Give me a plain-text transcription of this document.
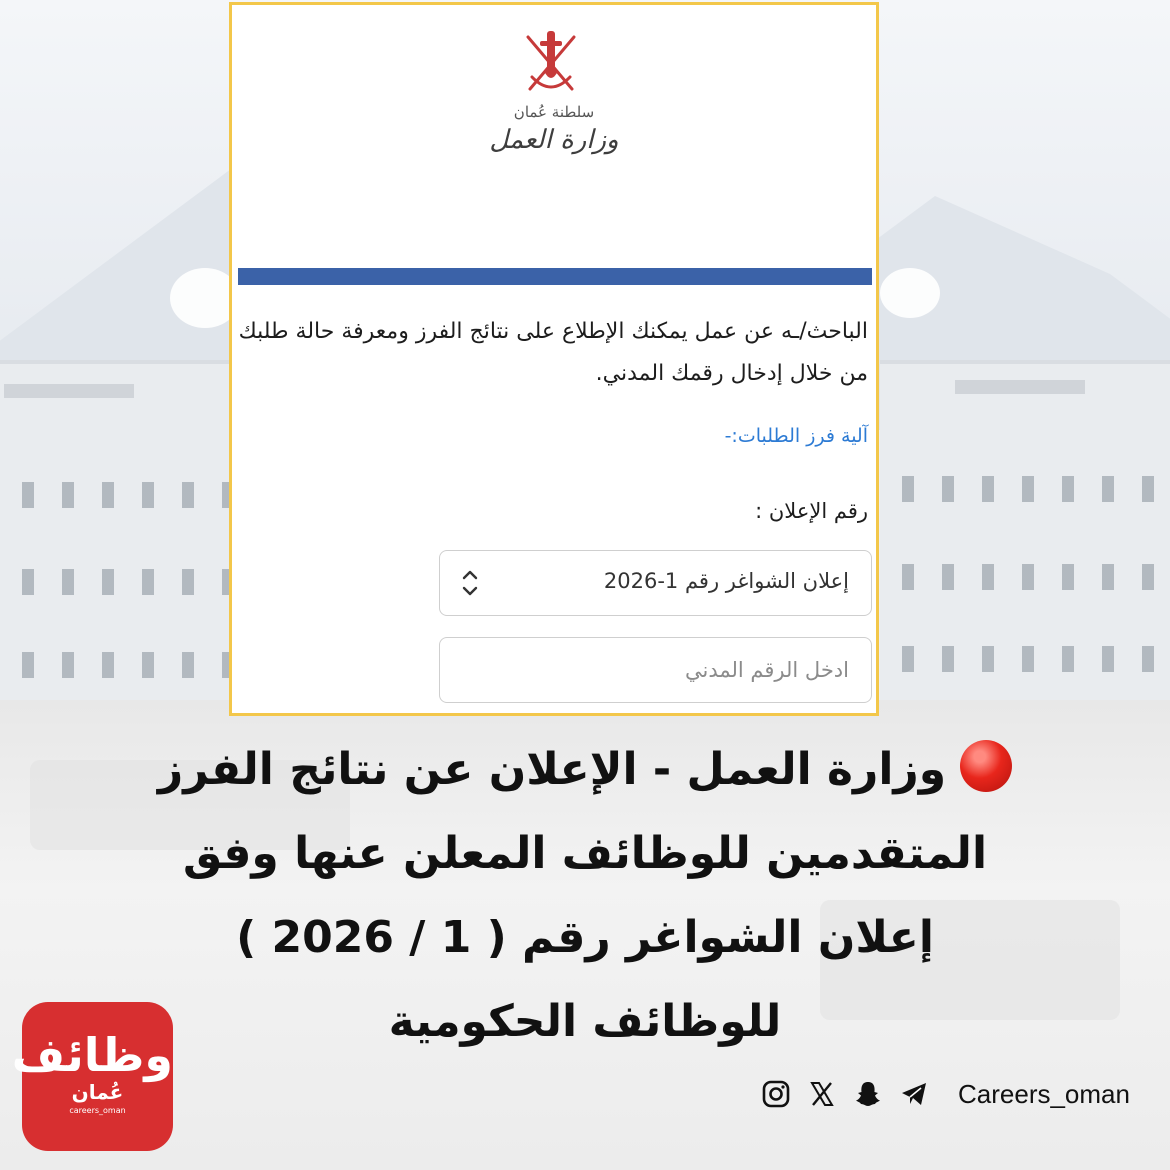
سلطنة عُمان
وزارة العمل
الباحث/ـه عن عمل يمكنك الإطلاع على نتائج الفرز ومعرفة حالة طلبك من خلال إدخال رقمك المدني.
آلية فرز الطلبات:-
رقم الإعلان :
إعلان الشواغر رقم 1-2026
ادخل الرقم المدني
وزارة العمل - الإعلان عن نتائج الفرز
المتقدمين للوظائف المعلن عنها وفق
إعلان الشواغر رقم ( 1 / 2026 )
للوظائف الحكومية
وظائف
عُمان
careers_oman
Careers_oman
